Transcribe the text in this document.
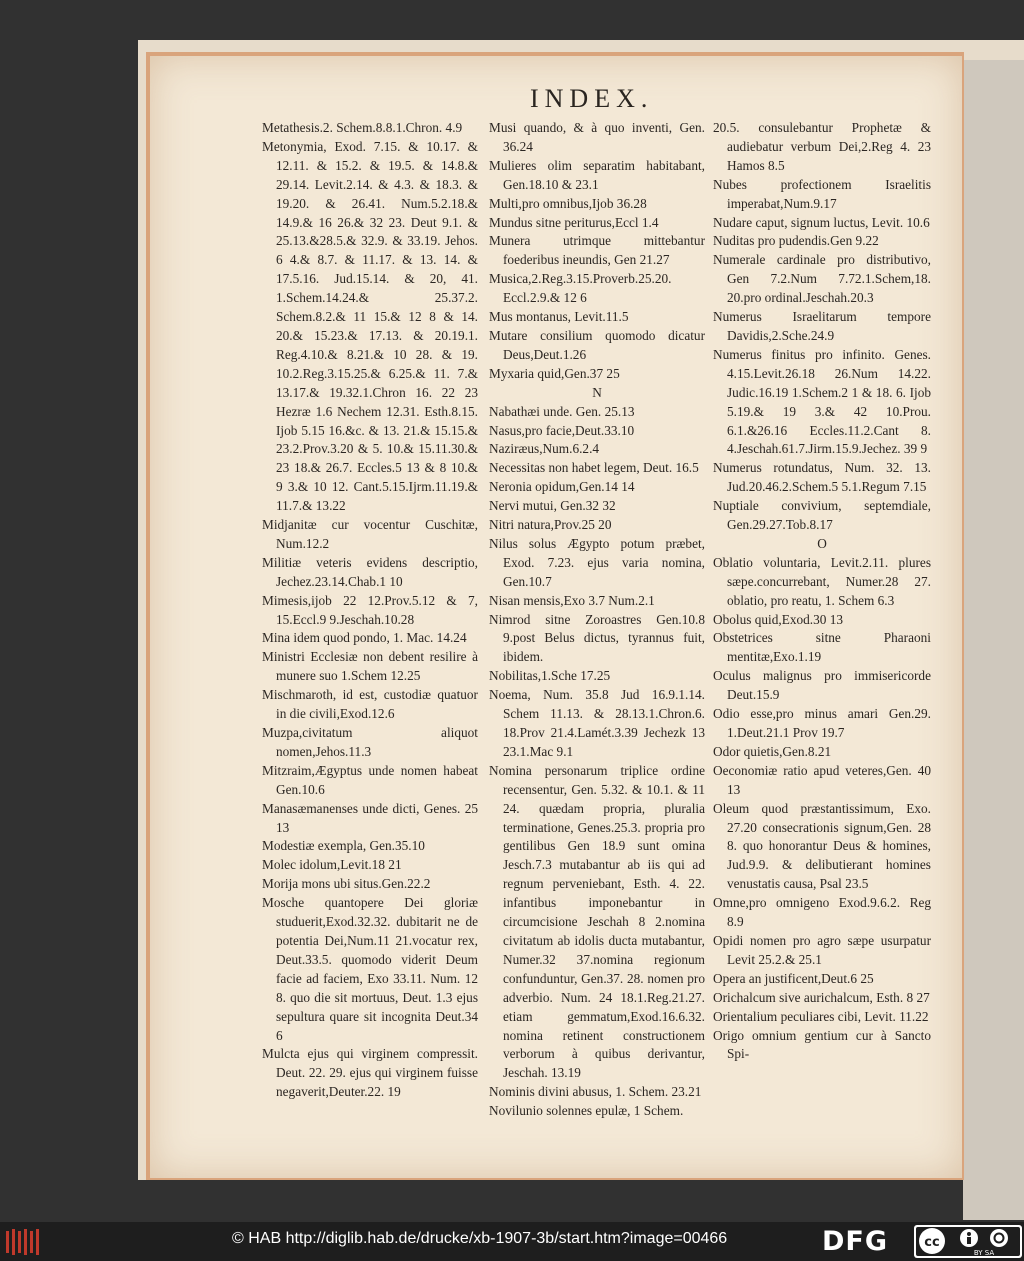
INDEX.
Metathesis.2. Schem.8.8.1.Chron. 4.9
Metonymia, Exod. 7.15. & 10.17. & 12.11. & 15.2. & 19.5. & 14.8.& 29.14. Levit.2.14. & 4.3. & 18.3. & 19.20. & 26.41. Num.5.2.18.& 14.9.& 16 26.& 32 23. Deut 9.1. & 25.13.&28.5.& 32.9. & 33.19. Jehos. 6 4.& 8.7. & 11.17. & 13. 14. & 17.5.16. Jud.15.14. & 20, 41. 1.Schem.14.24.& 25.37.2. Schem.8.2.& 11 15.& 12 8 & 14. 20.& 15.23.& 17.13. & 20.19.1. Reg.4.10.& 8.21.& 10 28. & 19. 10.2.Reg.3.15.25.& 6.25.& 11. 7.& 13.17.& 19.32.1.Chron 16. 22 23 Hezræ 1.6 Nechem 12.31. Esth.8.15. Ijob 5.15 16.&c. & 13. 21.& 15.15.& 23.2.Prov.3.20 & 5. 10.& 15.11.30.& 23 18.& 26.7. Eccles.5 13 & 8 10.& 9 3.& 10 12. Cant.5.15.Ijrm.11.19.& 11.7.& 13.22
Midjanitæ cur vocentur Cuschitæ, Num.12.2
Militiæ veteris evidens descriptio, Jechez.23.14.Chab.1 10
Mimesis,ijob 22 12.Prov.5.12 & 7, 15.Eccl.9 9.Jeschah.10.28
Mina idem quod pondo, 1. Mac. 14.24
Ministri Ecclesiæ non debent resilire à munere suo 1.Schem 12.25
Mischmaroth, id est, custodiæ quatuor in die civili,Exod.12.6
Muzpa,civitatum aliquot nomen,Jehos.11.3
Mitzraim,Ægyptus unde nomen habeat Gen.10.6
Manasæmanenses unde dicti, Genes. 25 13
Modestiæ exempla, Gen.35.10
Molec idolum,Levit.18 21
Morija mons ubi situs.Gen.22.2
Mosche quantopere Dei gloriæ studuerit,Exod.32.32. dubitarit ne de potentia Dei,Num.11 21.vocatur rex, Deut.33.5. quomodo viderit Deum facie ad faciem, Exo 33.11. Num. 12 8. quo die sit mortuus, Deut. 1.3 ejus sepultura quare sit incognita Deut.34 6
Mulcta ejus qui virginem compressit. Deut. 22. 29. ejus qui virginem fuisse negaverit,Deuter.22. 19
Musi quando, & à quo inventi, Gen. 36.24
Mulieres olim separatim habitabant, Gen.18.10 & 23.1
Multi,pro omnibus,Ijob 36.28
Mundus sitne periturus,Eccl 1.4
Munera utrimque mittebantur foederibus ineundis, Gen 21.27
Musica,2.Reg.3.15.Proverb.25.20. Eccl.2.9.& 12 6
Mus montanus, Levit.11.5
Mutare consilium quomodo dicatur Deus,Deut.1.26
Myxaria quid,Gen.37 25
N
Nabathæi unde. Gen. 25.13
Nasus,pro facie,Deut.33.10
Naziræus,Num.6.2.4
Necessitas non habet legem, Deut. 16.5
Neronia opidum,Gen.14 14
Nervi mutui, Gen.32 32
Nitri natura,Prov.25 20
Nilus solus Ægypto potum præbet, Exod. 7.23. ejus varia nomina, Gen.10.7
Nisan mensis,Exo 3.7 Num.2.1
Nimrod sitne Zoroastres Gen.10.8 9.post Belus dictus, tyrannus fuit, ibidem.
Nobilitas,1.Sche 17.25
Noema, Num. 35.8 Jud 16.9.1.14. Schem 11.13. & 28.13.1.Chron.6. 18.Prov 21.4.Lamét.3.39 Jechezk 13 23.1.Mac 9.1
Nomina personarum triplice ordine recensentur, Gen. 5.32. & 10.1. & 11 24. quædam propria, pluralia terminatione, Genes.25.3. propria pro gentilibus Gen 18.9 sunt omina Jesch.7.3 mutabantur ab iis qui ad regnum perveniebant, Esth. 4. 22. infantibus imponebantur in circumcisione Jeschah 8 2.nomina civitatum ab idolis ducta mutabantur, Numer.32 37.nomina regionum confunduntur, Gen.37. 28. nomen pro adverbio. Num. 24 18.1.Reg.21.27. etiam gemmatum,Exod.16.6.32. nomina retinent constructionem verborum à quibus derivantur, Jeschah. 13.19
Nominis divini abusus, 1. Schem. 23.21
Novilunio solennes epulæ, 1 Schem.
20.5. consulebantur Prophetæ & audiebatur verbum Dei,2.Reg 4. 23 Hamos 8.5
Nubes profectionem Israelitis imperabat,Num.9.17
Nudare caput, signum luctus, Levit. 10.6
Nuditas pro pudendis.Gen 9.22
Numerale cardinale pro distributivo, Gen 7.2.Num 7.72.1.Schem,18. 20.pro ordinal.Jeschah.20.3
Numerus Israelitarum tempore Davidis,2.Sche.24.9
Numerus finitus pro infinito. Genes. 4.15.Levit.26.18 26.Num 14.22. Judic.16.19 1.Schem.2 1 & 18. 6. Ijob 5.19.& 19 3.& 42 10.Prou. 6.1.&26.16 Eccles.11.2.Cant 8. 4.Jeschah.61.7.Jirm.15.9.Jechez. 39 9
Numerus rotundatus, Num. 32. 13. Jud.20.46.2.Schem.5 5.1.Regum 7.15
Nuptiale convivium, septemdiale, Gen.29.27.Tob.8.17
O
Oblatio voluntaria, Levit.2.11. plures sæpe.concurrebant, Numer.28 27. oblatio, pro reatu, 1. Schem 6.3
Obolus quid,Exod.30 13
Obstetrices sitne Pharaoni mentitæ,Exo.1.19
Oculus malignus pro immisericorde Deut.15.9
Odio esse,pro minus amari Gen.29. 1.Deut.21.1 Prov 19.7
Odor quietis,Gen.8.21
Oeconomiæ ratio apud veteres,Gen. 40 13
Oleum quod præstantissimum, Exo. 27.20 consecrationis signum,Gen. 28 8. quo honorantur Deus & homines, Jud.9.9. & delibutierant homines venustatis causa, Psal 23.5
Omne,pro omnigeno Exod.9.6.2. Reg 8.9
Opidi nomen pro agro sæpe usurpatur Levit 25.2.& 25.1
Opera an justificent,Deut.6 25
Orichalcum sive aurichalcum, Esth. 8 27
Orientalium peculiares cibi, Levit. 11.22
Origo omnium gentium cur à Sancto Spi-
© HAB http://diglib.hab.de/drucke/xb-1907-3b/start.htm?image=00466	DFG	cc
BY SA
